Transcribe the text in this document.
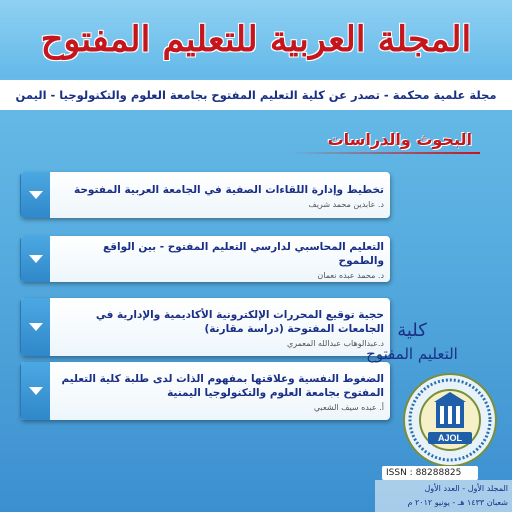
المجلة العربية للتعليم المفتوح
مجلة علمية محكمة - تصدر عن كلية التعليم المفتوح بجامعة العلوم والتكنولوجيا - اليمن
البحوث والدراسات
تخطيط وإدارة اللقاءات الصفية في الجامعة العربية المفتوحة
د. عابدين محمد شريف
التعليم المحاسبي لدارسي التعليم المفتوح - بين الواقع والطموح
د. محمد عبده نعمان
حجية توقيع المحررات الإلكترونية الأكاديمية والإدارية في الجامعات المفتوحة (دراسة مقارنة)
د.عبدالوهاب عبدالله المعمري
الضغوط النفسية وعلاقتها بمفهوم الذات لدى طلبة كلية التعليم المفتوح بجامعة العلوم والتكنولوجيا اليمنية
أ. عبده سيف الشعبي
كلية
التعليم المفتوح
AJOL
ISSN : 88288825
المجلد الأول - العدد الأول
شعبان ١٤٣٣ هـ - يونيو ٢٠١٢ م
